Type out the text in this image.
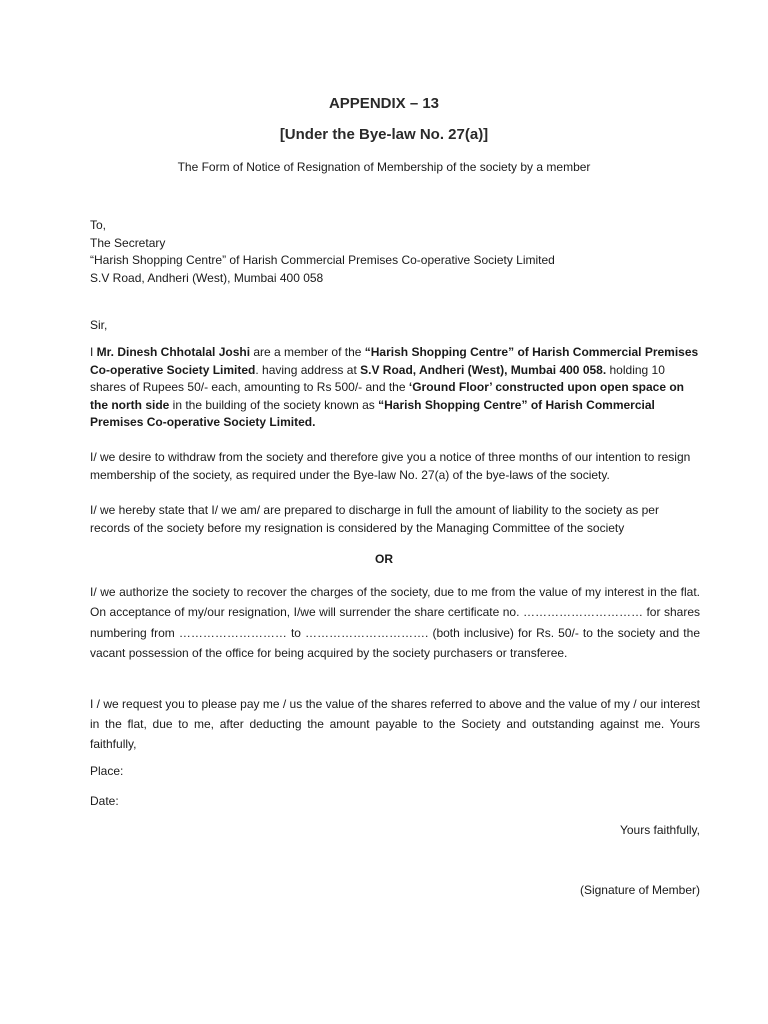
APPENDIX – 13
[Under the Bye-law No. 27(a)]
The Form of Notice of Resignation of Membership of the society by a member
To,
The Secretary
“Harish Shopping Centre” of Harish Commercial Premises Co-operative Society Limited
S.V Road, Andheri (West), Mumbai 400 058
Sir,
I Mr. Dinesh Chhotalal Joshi are a member of the “Harish Shopping Centre” of Harish Commercial Premises Co-operative Society Limited. having address at S.V Road, Andheri (West), Mumbai 400 058. holding 10 shares of Rupees 50/- each, amounting to Rs 500/- and the ‘Ground Floor’ constructed upon open space on the north side in the building of the society known as “Harish Shopping Centre” of Harish Commercial Premises Co-operative Society Limited.
I/ we desire to withdraw from the society and therefore give you a notice of three months of our intention to resign membership of the society, as required under the Bye-law No. 27(a) of the bye-laws of the society.
I/ we hereby state that I/ we am/ are prepared to discharge in full the amount of liability to the society as per records of the society before my resignation is considered by the Managing Committee of the society
OR
I/ we authorize the society to recover the charges of the society, due to me from the value of my interest in the flat. On acceptance of my/our resignation, I/we will surrender the share certificate no. ………………………… for shares numbering from ……………………… to …………………………. (both inclusive) for Rs. 50/- to the society and the vacant possession of the office for being acquired by the society purchasers or transferee.
I / we request you to please pay me / us the value of the shares referred to above and the value of my / our interest in the flat, due to me, after deducting the amount payable to the Society and outstanding against me. Yours faithfully,
Place:
Date:
Yours faithfully,
(Signature of Member)
